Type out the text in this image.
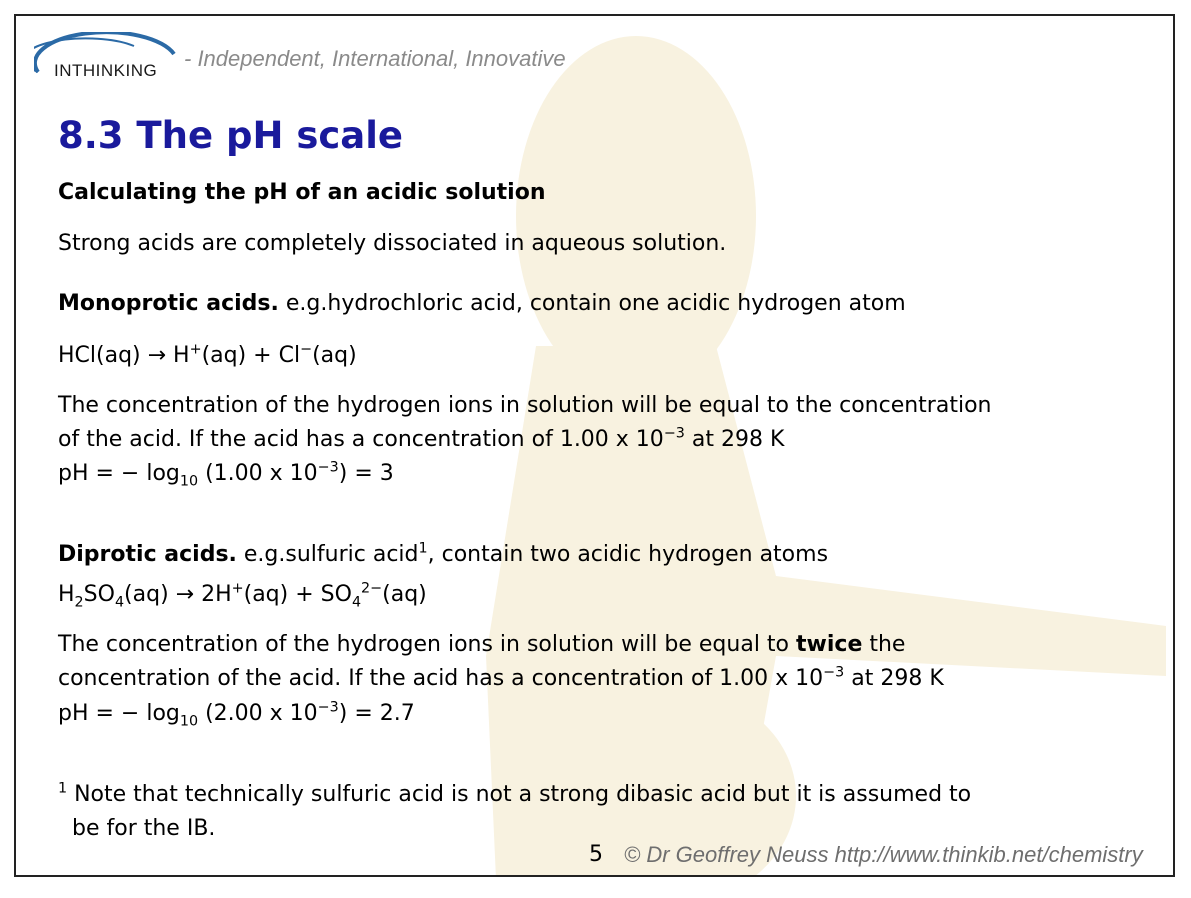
INTHINKING - Independent, International, Innovative
8.3 The pH scale
Calculating the pH of an acidic solution
Strong acids are completely dissociated in aqueous solution.
Monoprotic acids. e.g.hydrochloric acid, contain one acidic hydrogen atom
HCl(aq) → H+(aq) + Cl−(aq)
The concentration of the hydrogen ions in solution will be equal to the concentration
of the acid. If the acid has a concentration of 1.00 x $10^{-3}$ at 298 K
pH = − $\log_{10} (1.00$ x $10^{-3}) = 3$
Diprotic acids. e.g.sulfuric acid$^1$, contain two acidic hydrogen atoms
$H_2SO_4(aq) \to 2H^+(aq) + SO_4^{2-}(aq)$
The concentration of the hydrogen ions in solution will be equal to twice the
concentration of the acid. If the acid has a concentration of 1.00 x $10^{-3}$ at 298 K
pH = − $\log_{10} (2.00$ x $10^{-3}) = 2.7$
$^1$ Note that technically sulfuric acid is not a strong dibasic acid but it is assumed to
be for the IB.
5 © Dr Geoffrey Neuss http://www.thinkib.net/chemistry
